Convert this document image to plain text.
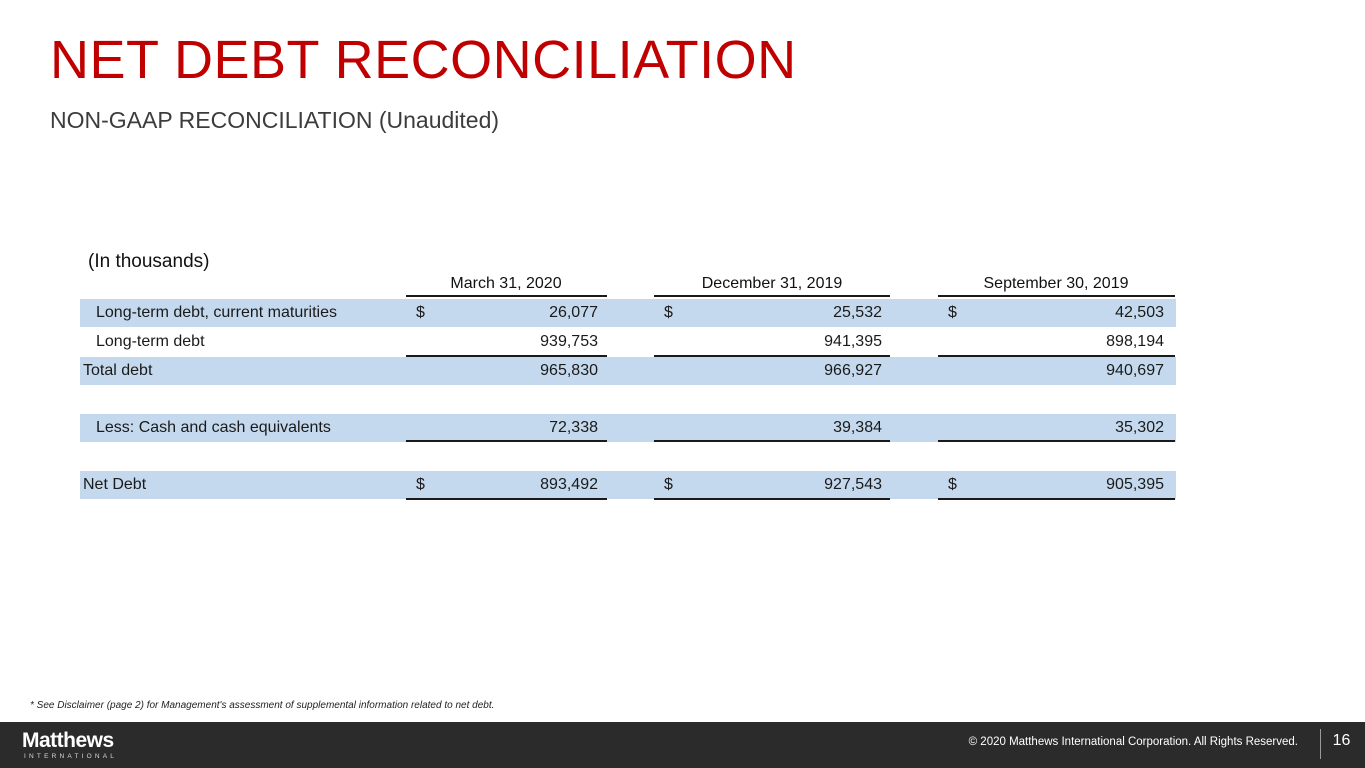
NET DEBT RECONCILIATION
NON-GAAP RECONCILIATION (Unaudited)
(In thousands)
March 31, 2020	December 31, 2019	September 30, 2019
Long-term debt, current maturities	$	26,077	$	25,532	$	42,503
Long-term debt	939,753	941,395	898,194
Total debt	965,830	966,927	940,697
Less: Cash and cash equivalents	72,338	39,384	35,302
Net Debt	$	893,492	$	927,543	$	905,395
* See Disclaimer (page 2) for Management's assessment of supplemental information related to net debt.
Matthews
INTERNATIONAL
© 2020 Matthews International Corporation. All Rights Reserved. 16
